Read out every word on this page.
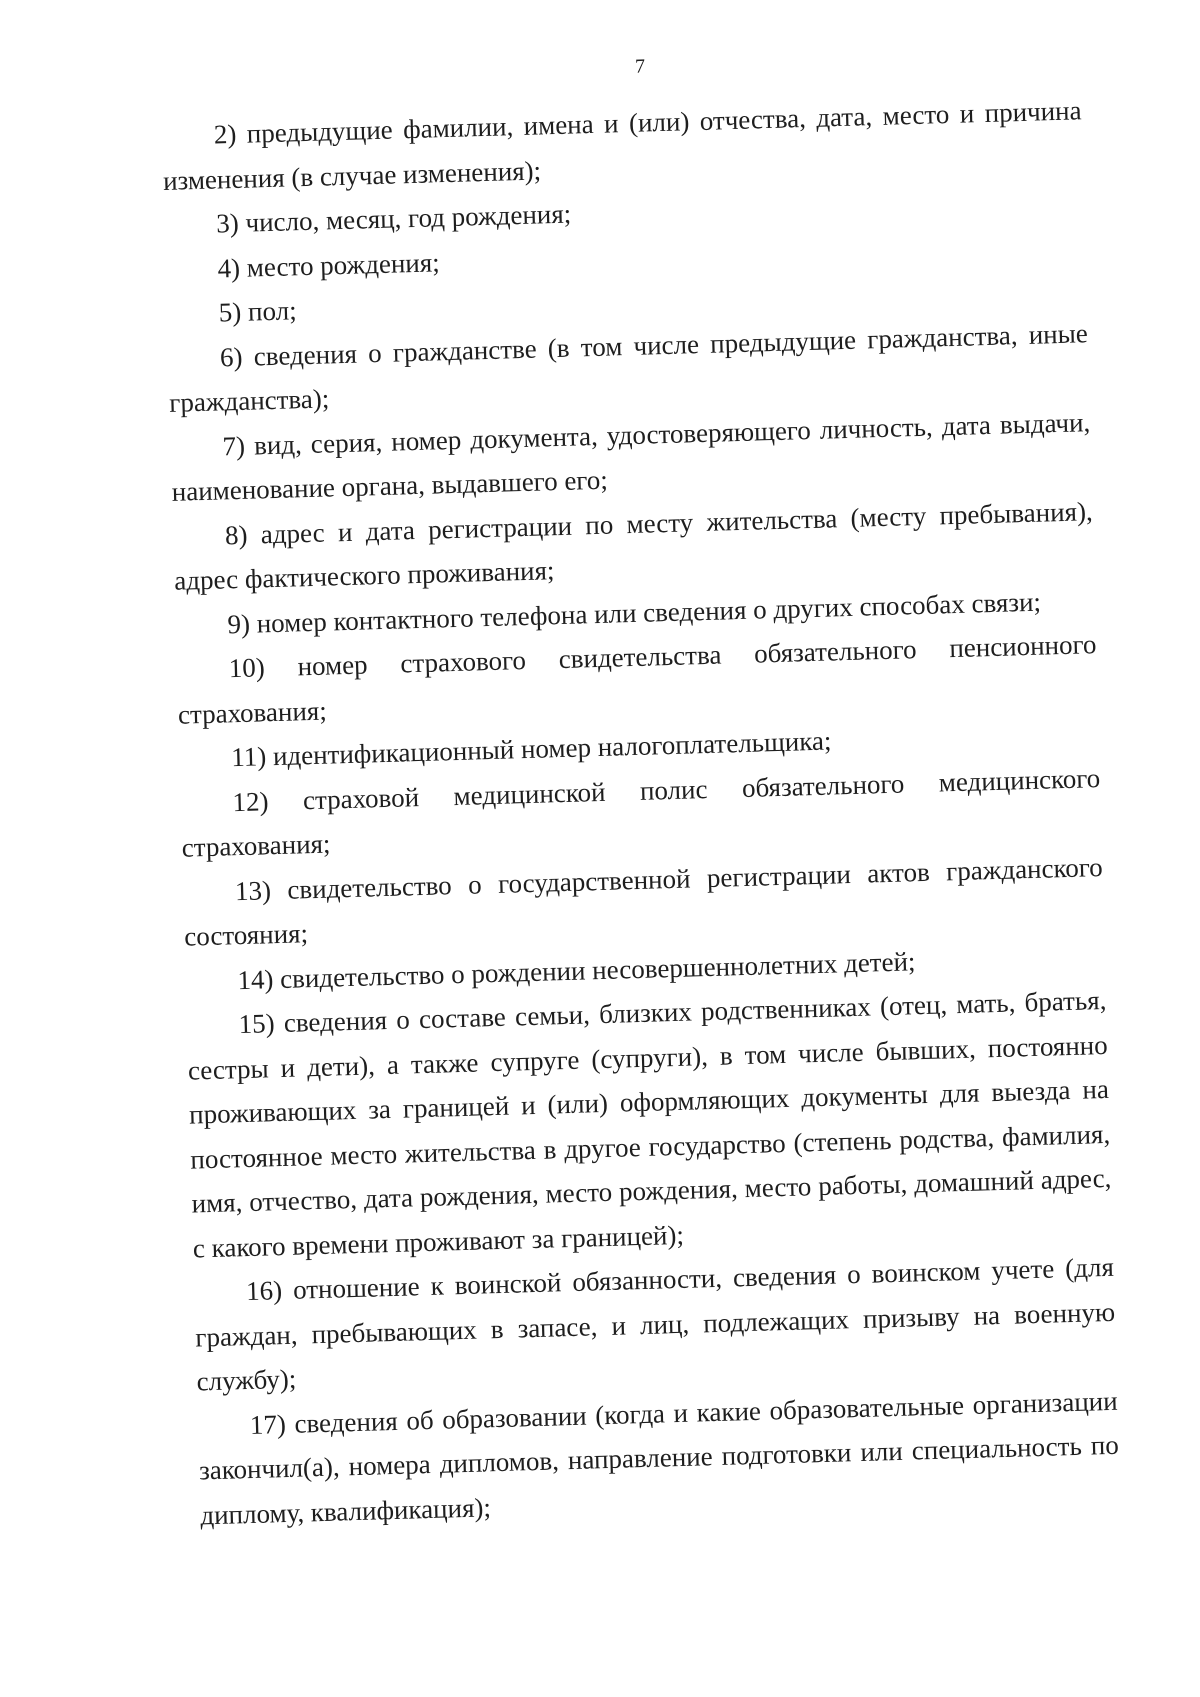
7

2) предыдущие фамилии, имена и (или) отчества, дата, место и причина изменения (в случае изменения);

3) число, месяц, год рождения;

4) место рождения;

5) пол;

6) сведения о гражданстве (в том числе предыдущие гражданства, иные гражданства);

7) вид, серия, номер документа, удостоверяющего личность, дата выдачи, наименование органа, выдавшего его;

8) адрес и дата регистрации по месту жительства (месту пребывания), адрес фактического проживания;

9) номер контактного телефона или сведения о других способах связи;

10) номер страхового свидетельства обязательного пенсионного страхования;

11) идентификационный номер налогоплательщика;

12) страховой медицинской полис обязательного медицинского страхования;

13) свидетельство о государственной регистрации актов гражданского состояния;

14) свидетельство о рождении несовершеннолетних детей;

15) сведения о составе семьи, близких родственниках (отец, мать, братья, сестры и дети), а также супруге (супруги), в том числе бывших, постоянно проживающих за границей и (или) оформляющих документы для выезда на постоянное место жительства в другое государство (степень родства, фамилия, имя, отчество, дата рождения, место рождения, место работы, домашний адрес, с какого времени проживают за границей);

16) отношение к воинской обязанности, сведения о воинском учете (для граждан, пребывающих в запасе, и лиц, подлежащих призыву на военную службу);

17) сведения об образовании (когда и какие образовательные организации закончил(а), номера дипломов, направление подготовки или специальность по диплому, квалификация);
